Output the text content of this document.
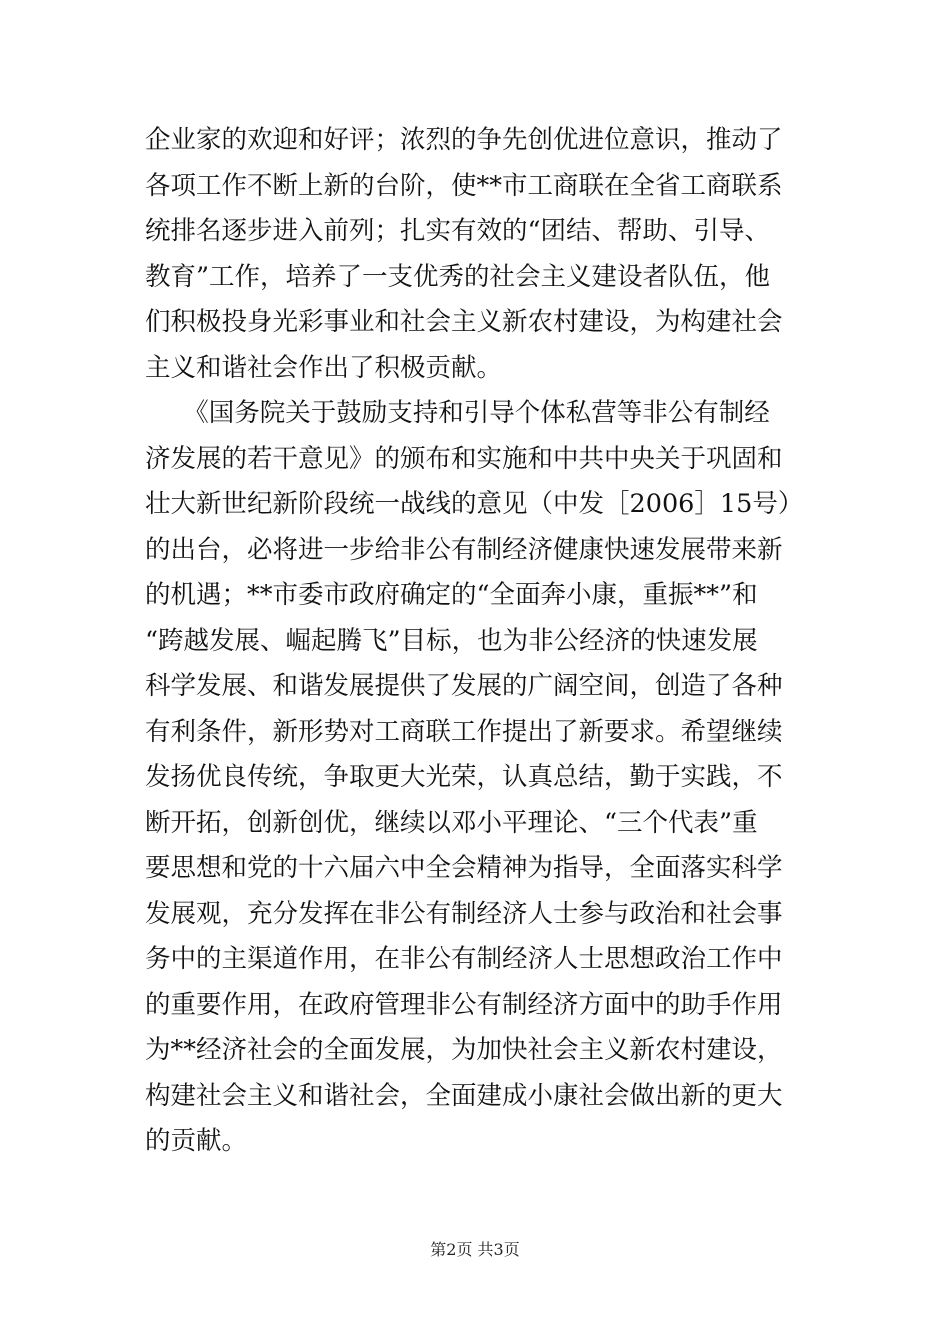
企业家的欢迎和好评；浓烈的争先创优进位意识，推动了
各项工作不断上新的台阶，使**市工商联在全省工商联系
统排名逐步进入前列；扎实有效的“团结、帮助、引导、
教育”工作，培养了一支优秀的社会主义建设者队伍，他
们积极投身光彩事业和社会主义新农村建设，为构建社会
主义和谐社会作出了积极贡献。
　　《国务院关于鼓励支持和引导个体私营等非公有制经
济发展的若干意见》的颁布和实施和中共中央关于巩固和
壮大新世纪新阶段统一战线的意见（中发［2006］15号）
的出台，必将进一步给非公有制经济健康快速发展带来新
的机遇；**市委市政府确定的“全面奔小康，重振**”和
“跨越发展、崛起腾飞”目标，也为非公经济的快速发展
科学发展、和谐发展提供了发展的广阔空间，创造了各种
有利条件，新形势对工商联工作提出了新要求。希望继续
发扬优良传统，争取更大光荣，认真总结，勤于实践，不
断开拓，创新创优，继续以邓小平理论、“三个代表”重
要思想和党的十六届六中全会精神为指导，全面落实科学
发展观，充分发挥在非公有制经济人士参与政治和社会事
务中的主渠道作用，在非公有制经济人士思想政治工作中
的重要作用，在政府管理非公有制经济方面中的助手作用
为**经济社会的全面发展，为加快社会主义新农村建设，
构建社会主义和谐社会，全面建成小康社会做出新的更大
的贡献。
第2页 共3页
